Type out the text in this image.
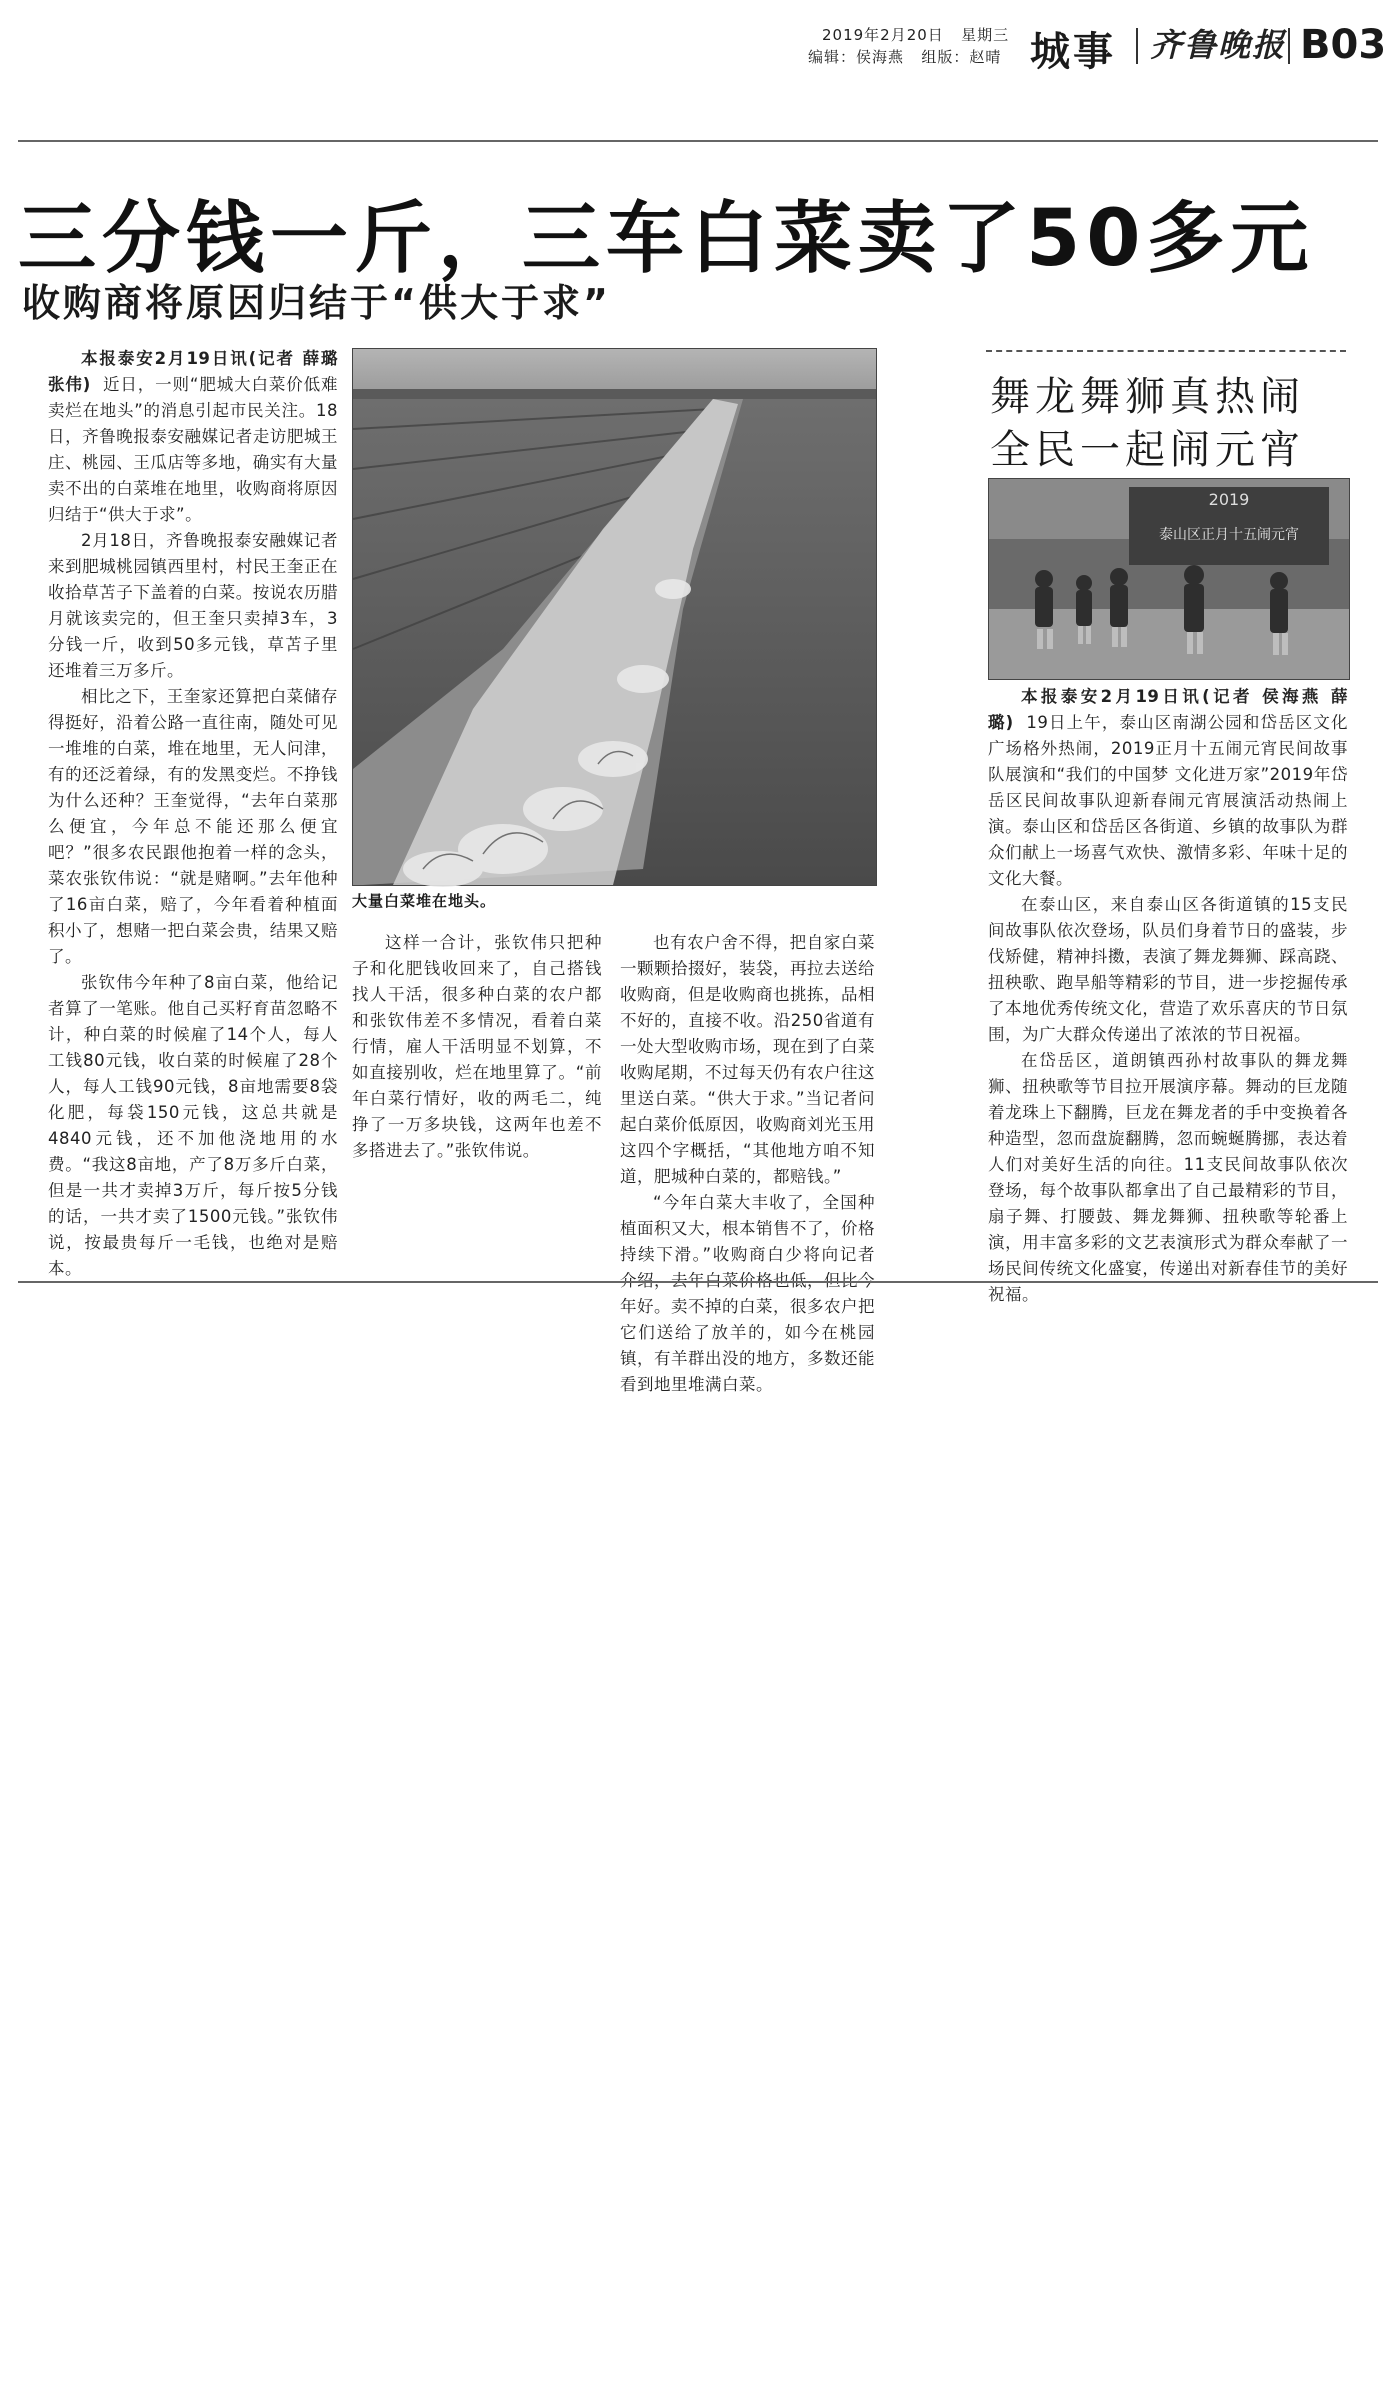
2019年2月20日 星期三
编辑：侯海燕 组版：赵晴 城事 齐鲁晚报 B03
三分钱一斤，三车白菜卖了50多元
收购商将原因归结于“供大于求”

本报泰安2月19日讯(记者 薛璐 张伟) 近日，一则“肥城大白菜价低难卖烂在地头”的消息引起市民关注。18日，齐鲁晚报泰安融媒记者走访肥城王庄、桃园、王瓜店等多地，确实有大量卖不出的白菜堆在地里，收购商将原因归结于“供大于求”。

2月18日，齐鲁晚报泰安融媒记者来到肥城桃园镇西里村，村民王奎正在收拾草苫子下盖着的白菜。按说农历腊月就该卖完的，但王奎只卖掉3车，3分钱一斤，收到50多元钱，草苫子里还堆着三万多斤。

相比之下，王奎家还算把白菜储存得挺好，沿着公路一直往南，随处可见一堆堆的白菜，堆在地里，无人问津，有的还泛着绿，有的发黑变烂。不挣钱为什么还种？王奎觉得，“去年白菜那么便宜，今年总不能还那么便宜吧？”很多农民跟他抱着一样的念头，菜农张钦伟说：“就是赌啊。”去年他种了16亩白菜，赔了，今年看着种植面积小了，想赌一把白菜会贵，结果又赔了。

张钦伟今年种了8亩白菜，他给记者算了一笔账。他自己买籽育苗忽略不计，种白菜的时候雇了14个人，每人工钱80元钱，收白菜的时候雇了28个人，每人工钱90元钱，8亩地需要8袋化肥，每袋150元钱，这总共就是4840元钱，还不加他浇地用的水费。“我这8亩地，产了8万多斤白菜，但是一共才卖掉3万斤，每斤按5分钱的话，一共才卖了1500元钱。”张钦伟说，按最贵每斤一毛钱，也绝对是赔本。

大量白菜堆在地头。

这样一合计，张钦伟只把种子和化肥钱收回来了，自己搭钱找人干活，很多种白菜的农户都和张钦伟差不多情况，看着白菜行情，雇人干活明显不划算，不如直接别收，烂在地里算了。“前年白菜行情好，收的两毛二，纯挣了一万多块钱，这两年也差不多搭进去了。”张钦伟说。

也有农户舍不得，把自家白菜一颗颗拾掇好，装袋，再拉去送给收购商，但是收购商也挑拣，品相不好的，直接不收。沿250省道有一处大型收购市场，现在到了白菜收购尾期，不过每天仍有农户往这里送白菜。“供大于求。”当记者问起白菜价低原因，收购商刘光玉用这四个字概括，“其他地方咱不知道，肥城种白菜的，都赔钱。”

“今年白菜大丰收了，全国种植面积又大，根本销售不了，价格持续下滑。”收购商白少将向记者 年好。卖不掉的白菜，很多农户把它们送给了放羊的，如今在桃园镇，有羊群出没的地方，多数还能看到地里堆满白菜。

舞龙舞狮真热闹
全民一起闹元宵
2019
泰山区正月十五闹元宵

本报泰安2月19日讯(记者 侯海燕 薛璐) 19日上午，泰山区南湖公园和岱岳区文化广场格外热闹，2019正月十五闹元宵民间故事队展演和“我们的中国梦 文化进万家”2019年岱岳区民间故事队迎新春闹元宵展演活动热闹上演。泰山区和岱岳区各街道、乡镇的故事队为群众们献上一场喜气欢快、激情多彩、年味十足的文化大餐。

在泰山区，来自泰山区各街道镇的15支民间故事队依次登场，队员们身着节日的盛装，步伐矫健，精神抖擞，表演了舞龙舞狮、踩高跷、扭秧歌、跑旱船等精彩的节目，进一步挖掘传承了本地优秀传统文化，营造了欢乐喜庆的节日氛围，为广大群众传递出了浓浓的节日祝福。

在岱岳区，道朗镇西孙村故事队的舞龙舞狮、扭秧歌等节目拉开展演序幕。舞动的巨龙随着龙珠上下翻腾，巨龙在舞龙者的手中变换着各种造型，忽而盘旋翻腾，忽而蜿蜒腾挪，表达着人们对美好生活的向往。11支民间故事队依次登场，每个故事队都拿出了自己最精彩的节目，扇子舞、打腰鼓、舞龙舞狮、扭秧歌等轮番上演，用丰富多彩的文艺表演形式为群众奉献了一场民间传统文化盛宴，传递出对新春佳节的美好祝福。
